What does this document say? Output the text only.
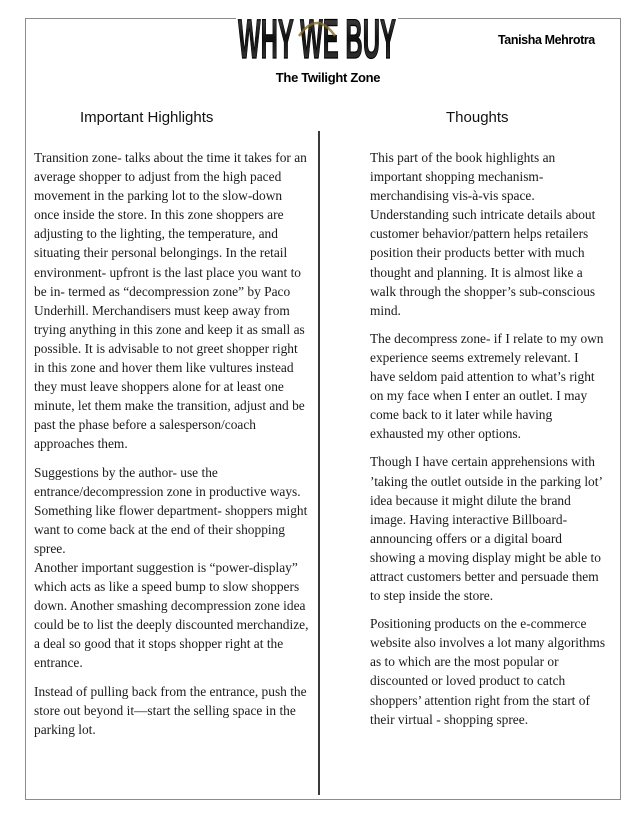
WHY WE BUY	Tanisha Mehrotra
The Twilight Zone
Important Highlights	Thoughts

Transition zone- talks about the time it takes for an average shopper to adjust from the high paced movement in the parking lot to the slow-down once inside the store. In this zone shoppers are adjusting to the lighting, the temperature, and situating their personal belongings. In the retail environment- upfront is the last place you want to be in- termed as “decompression zone” by Paco Underhill. Merchandisers must keep away from trying anything in this zone and keep it as small as possible. It is advisable to not greet shopper right in this zone and hover them like vultures instead they must leave shoppers alone for at least one minute, let them make the transition, adjust and be past the phase before a salesperson/coach approaches them.

Suggestions by the author- use the entrance/decompression zone in productive ways.
Something like flower department- shoppers might want to come back at the end of their shopping spree.
Another important suggestion is “power-display” which acts as like a speed bump to slow shoppers down. Another smashing decompression zone idea could be to list the deeply discounted merchandize, a deal so good that it stops shopper right at the entrance.

Instead of pulling back from the entrance, push the store out beyond it—start the selling space in the parking lot.

This part of the book highlights an important shopping mechanism- merchandising vis-à-vis space. Understanding such intricate details about customer behavior/pattern helps retailers position their products better with much thought and planning. It is almost like a walk through the shopper’s sub-conscious mind.

The decompress zone- if I relate to my own experience seems extremely relevant. I have seldom paid attention to what’s right on my face when I enter an outlet. I may come back to it later while having exhausted my other options.

Though I have certain apprehensions with ’taking the outlet outside in the parking lot’ idea because it might dilute the brand image. Having interactive Billboard- announcing offers or a digital board showing a moving display might be able to attract customers better and persuade them to step inside the store.

Positioning products on the e-commerce website also involves a lot many algorithms as to which are the most popular or discounted or loved product to catch shoppers’ attention right from the start of their virtual - shopping spree.
